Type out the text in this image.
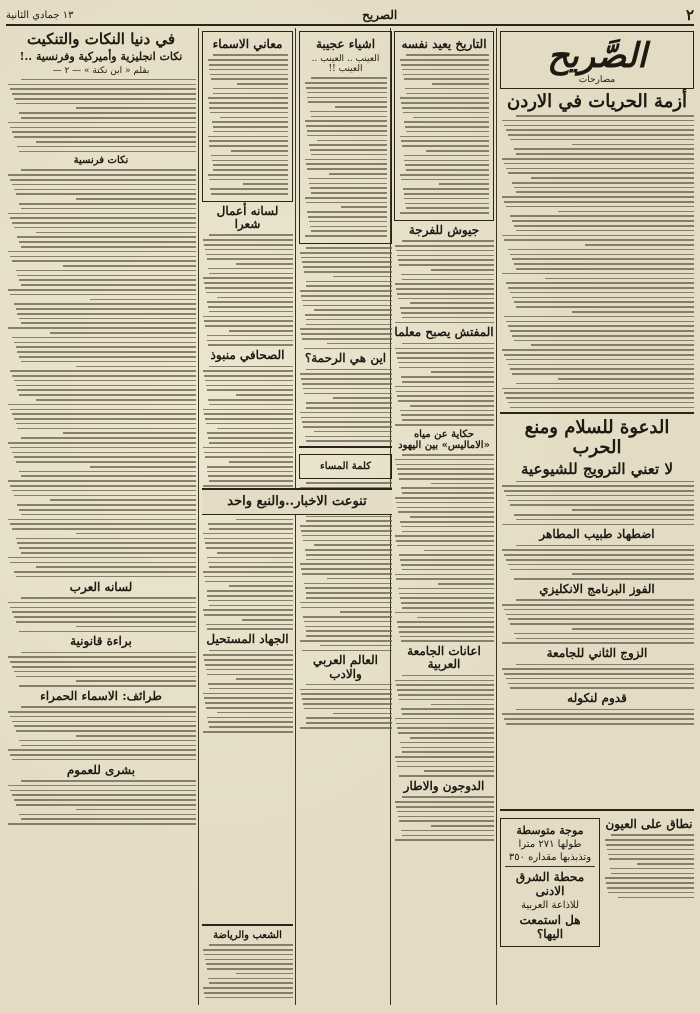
٢
الصريح
١٣ جمادي الثانية
الصَّريح
مصارحات
أزمة الحريات في الاردن
الدعوة للسلام ومنع الحرب
لا تعني الترويج للشيوعية
اضطهاد طبيب المطاهر
الفوز البرنامج الانكليزي
الزوج الثاني للجامعة
قدوم لنكوله
نطاق على العيون

موجة متوسطة

طولها ٢٧١ مترا

وتذبذبها مقداره ٣٥٠

محطة الشرق الادنى

للاذاعة العربية

هل استمعت اليها؟

التاريخ يعيد نفسه
جيوش للفرجة
المفتش يصبح معلما
حكاية عن مياه «الاماليس» بين اليهود
اعانات الجامعة العربية
الدوجون والاطار
اشياء عجيبة
العينب .. العينب .. العينب !!
اين هي الرحمة؟
كلمة المساء
العالم العربي والادب
معاني الاسماء
لسانه أعمال شعرا
الصحافي منبوذ
الجهاد المستحيل
تنوعت الاخبار..والنبع واحد
في دنيا النكات والتنكيت
نكات انجليزية وأميركية وفرنسية ..!
بقلم « ابن نكتة » — ٢ —
نكات فرنسية
لسانه العرب
براءة قانونية
طرائف: الاسماء الحمراء
بشرى للعموم
الشعب والرياضة
